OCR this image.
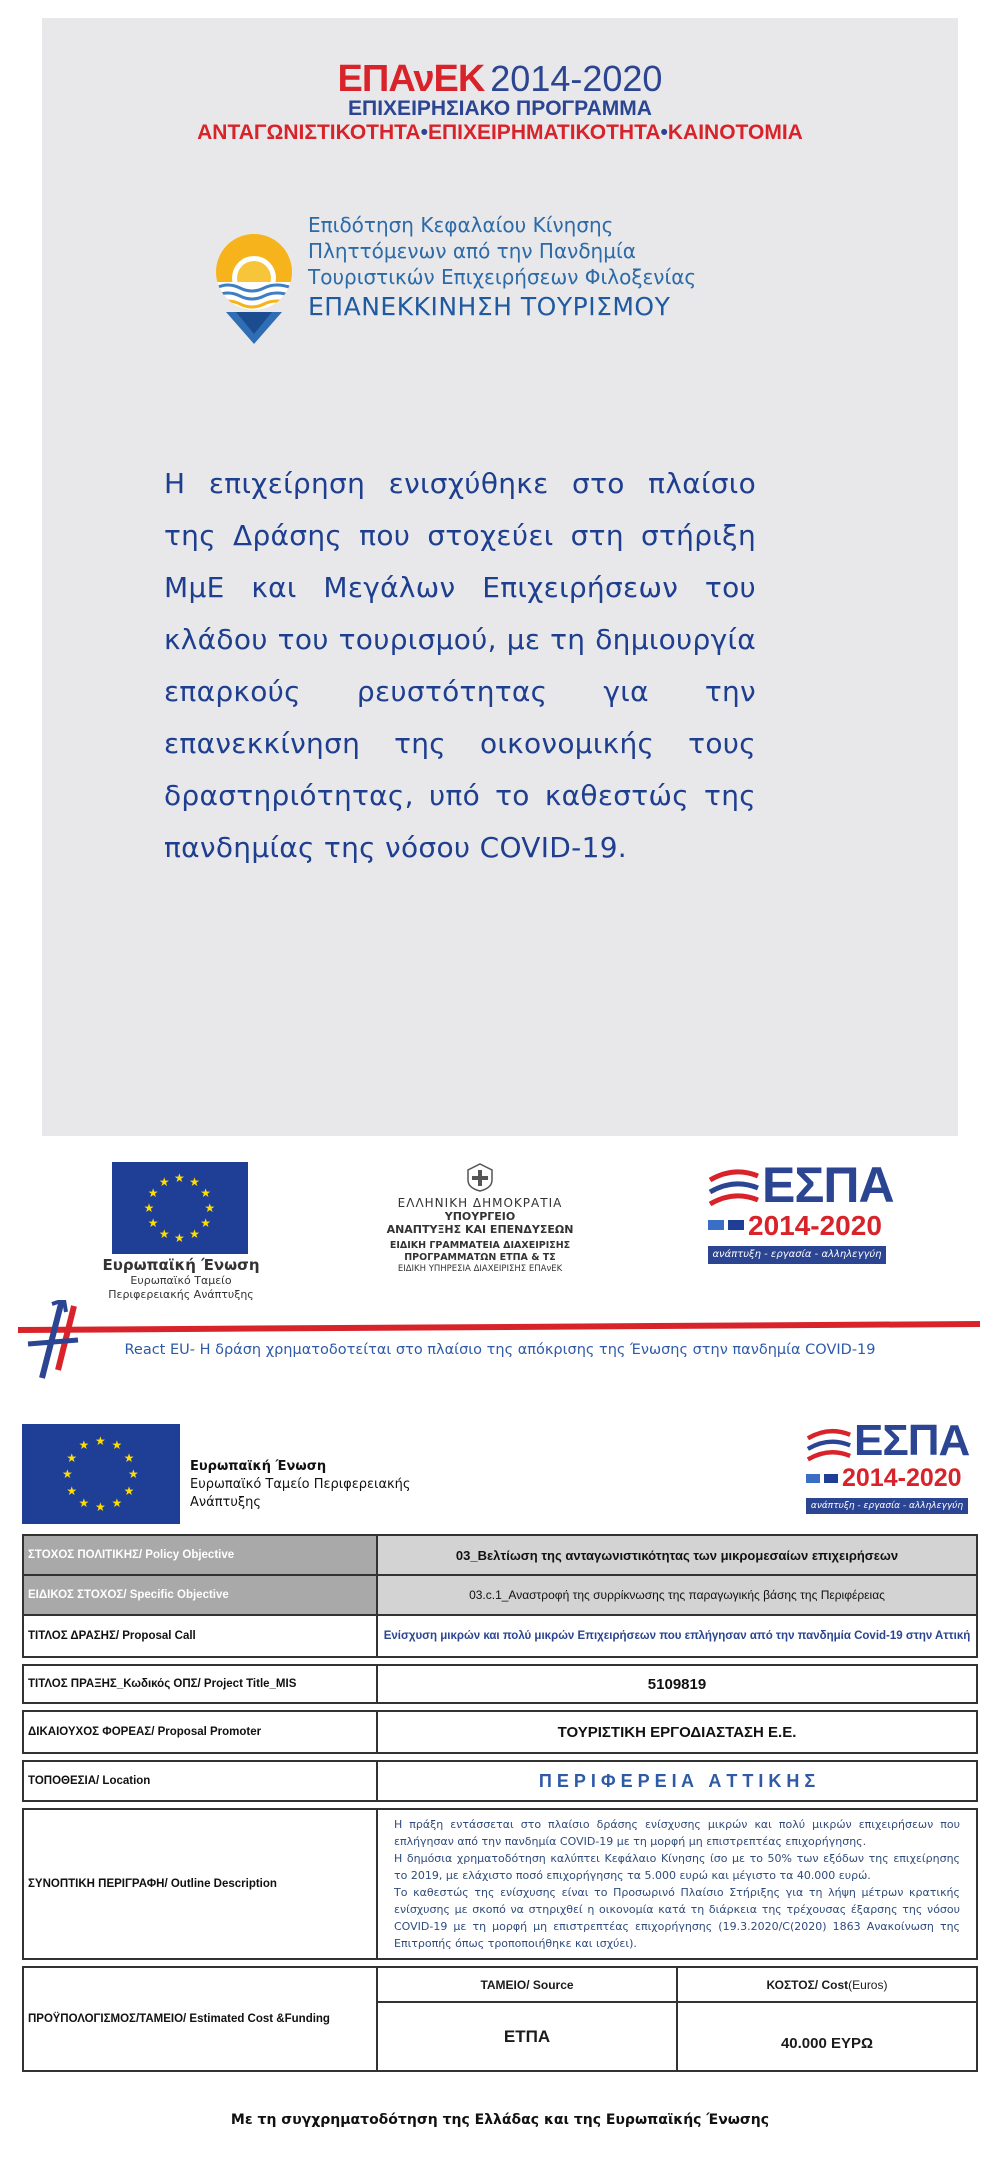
ΕΠΑνΕΚ 2014-2020
ΕΠΙΧΕΙΡΗΣΙΑΚΟ ΠΡΟΓΡΑΜΜΑ
ΑΝΤΑΓΩΝΙΣΤΙΚΟΤΗΤΑ•ΕΠΙΧΕΙΡΗΜΑΤΙΚΟΤΗΤΑ•ΚΑΙΝΟΤΟΜΙΑ
Επιδότηση Κεφαλαίου Κίνησης
Πληττόμενων από την Πανδημία
Τουριστικών Επιχειρήσεων Φιλοξενίας
ΕΠΑΝΕΚΚΙΝΗΣΗ ΤΟΥΡΙΣΜΟΥ
Η επιχείρηση ενισχύθηκε στο πλαίσιο της Δράσης που στοχεύει στη στήριξη ΜμΕ και Μεγάλων Επιχειρήσεων του κλάδου του τουρισμού, με τη δημιουργία επαρκούς ρευστότητας για την επανεκκίνηση της οικονομικής τους δραστηριότητας, υπό το καθεστώς της πανδημίας της νόσου COVID-19.
★ ★
★
★
★
★
★
★
★
★
★
★
Ευρωπαϊκή Ένωση
Ευρωπαϊκό Ταμείο
Περιφερειακής Ανάπτυξης
ΕΛΛΗΝΙΚΗ ΔΗΜΟΚΡΑΤΙΑ
ΥΠΟΥΡΓΕΙΟ
ΑΝΑΠΤΥΞΗΣ ΚΑΙ ΕΠΕΝΔΥΣΕΩΝ
ΕΙΔΙΚΗ ΓΡΑΜΜΑΤΕΙΑ ΔΙΑΧΕΙΡΙΣΗΣ
ΠΡΟΓΡΑΜΜΑΤΩΝ ΕΤΠΑ & ΤΣ
ΕΙΔΙΚΗ ΥΠΗΡΕΣΙΑ ΔΙΑΧΕΙΡΙΣΗΣ ΕΠΑνΕΚ
ΕΣΠΑ
2014-2020
ανάπτυξη - εργασία - αλληλεγγύη
React EU- Η δράση χρηματοδοτείται στο πλαίσιο της απόκρισης της Ένωσης στην πανδημία COVID-19
★ ★
★
★
★
★
★
★
★
★
★
★
Ευρωπαϊκή Ένωση
Ευρωπαϊκό Ταμείο Περιφερειακής
Ανάπτυξης
ΕΣΠΑ
2014-2020
ανάπτυξη - εργασία - αλληλεγγύη
ΣΤΟΧΟΣ ΠΟΛΙΤΙΚΗΣ/ Policy Objective	03_Βελτίωση της ανταγωνιστικότητας των μικρομεσαίων επιχειρήσεων
ΕΙΔΙΚΟΣ ΣΤΟΧΟΣ/ Specific Objective	03.c.1_Αναστροφή της συρρίκνωσης της παραγωγικής βάσης της Περιφέρειας
ΤΙΤΛΟΣ ΔΡΑΣΗΣ/ Proposal Call	Ενίσχυση μικρών και πολύ μικρών Επιχειρήσεων που επλήγησαν από την πανδημία Covid-19 στην Αττική

ΤΙΤΛΟΣ ΠΡΑΞΗΣ_Κωδικός ΟΠΣ/ Project Title_MIS	5109819

ΔΙΚΑΙΟΥΧΟΣ ΦΟΡΕΑΣ/ Proposal Promoter	ΤΟΥΡΙΣΤΙΚΗ ΕΡΓΟΔΙΑΣΤΑΣΗ Ε.Ε.

ΤΟΠΟΘΕΣΙΑ/ Location	Π Ε Ρ Ι Φ Ε Ρ Ε Ι Α   Α Τ Τ Ι Κ Η Σ

ΣΥΝΟΠΤΙΚΗ ΠΕΡΙΓΡΑΦΗ/ Outline Description	
Η πράξη εντάσσεται στο πλαίσιο δράσης ενίσχυσης μικρών και πολύ μικρών επιχειρήσεων που επλήγησαν από την πανδημία COVID-19 με τη μορφή μη επιστρεπτέας επιχορήγησης.
Η δημόσια χρηματοδότηση καλύπτει Κεφάλαιο Κίνησης ίσο με το 50% των εξόδων της επιχείρησης το 2019, με ελάχιστο ποσό επιχορήγησης τα 5.000 ευρώ και μέγιστο τα 40.000 ευρώ.
Το καθεστώς της ενίσχυσης είναι το Προσωρινό Πλαίσιο Στήριξης για τη λήψη μέτρων κρατικής ενίσχυσης με σκοπό να στηριχθεί η οικονομία κατά τη διάρκεια της τρέχουσας έξαρσης της νόσου COVID-19 με τη μορφή μη επιστρεπτέας επιχορήγησης (19.3.2020/C(2020) 1863 Ανακοίνωση της Επιτροπής όπως τροποποιήθηκε και ισχύει).

ΠΡΟΫΠΟΛΟΓΙΣΜΟΣ/ΤΑΜΕΙΟ/ Estimated Cost &Funding	
ΤΑΜΕΙΟ/ Source	ΚΟΣΤΟΣ/ Cost(Euros)
ΕΤΠΑ	40.000 ΕΥΡΩ
Με τη συγχρηματοδότηση της Ελλάδας και της Ευρωπαϊκής Ένωσης
